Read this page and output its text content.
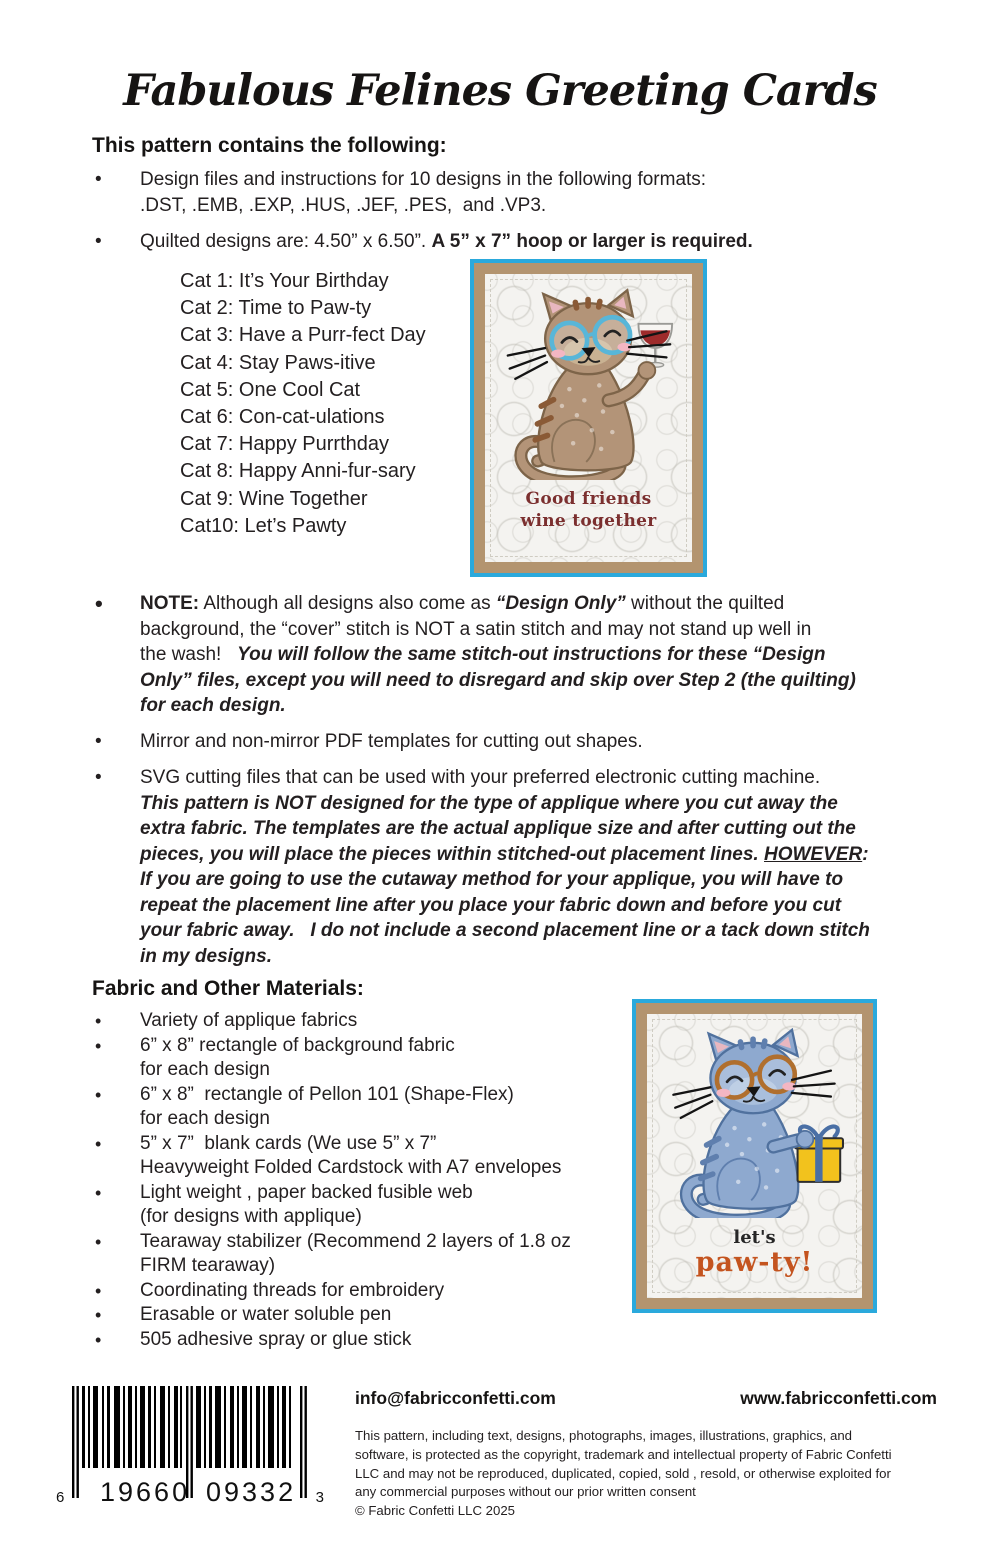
Fabulous Felines Greeting Cards
This pattern contains the following:
•	Design files and instructions for 10 designs in the following formats:
.DST, .EMB, .EXP, .HUS, .JEF, .PES,  and .VP3.
•	Quilted designs are: 4.50” x 6.50”. A 5” x 7” hoop or larger is required.
Cat 1: It’s Your Birthday
Cat 2: Time to Paw-ty
Cat 3: Have a Purr-fect Day
Cat 4: Stay Paws-itive
Cat 5: One Cool Cat
Cat 6: Con-cat-ulations
Cat 7: Happy Purrthday
Cat 8: Happy Anni-fur-sary
Cat 9: Wine Together
Cat10: Let’s Pawty
Good friends
wine together
•	NOTE: Although all designs also come as “Design Only” without the quilted
background, the “cover” stitch is NOT a satin stitch and may not stand up well in
the wash!   You will follow the same stitch-out instructions for these “Design
Only” files, except you will need to disregard and skip over Step 2 (the quilting)
for each design.
•	Mirror and non-mirror PDF templates for cutting out shapes.
•	SVG cutting files that can be used with your preferred electronic cutting machine.
This pattern is NOT designed for the type of applique where you cut away the
extra fabric. The templates are the actual applique size and after cutting out the
pieces, you will place the pieces within stitched-out placement lines. HOWEVER:
If you are going to use the cutaway method for your applique, you will have to
repeat the placement line after you place your fabric down and before you cut
your fabric away.   I do not include a second placement line or a tack down stitch
in my designs.
Fabric and Other Materials:
•	Variety of applique fabrics
•	6” x 8” rectangle of background fabric
for each design
•	6” x 8”  rectangle of Pellon 101 (Shape-Flex)
for each design
•	5” x 7”  blank cards (We use 5” x 7”
Heavyweight Folded Cardstock with A7 envelopes
•	Light weight , paper backed fusible web
(for designs with applique)
•	Tearaway stabilizer (Recommend 2 layers of 1.8 oz
FIRM tearaway)
•	Coordinating threads for embroidery
•	Erasable or water soluble pen
•	505 adhesive spray or glue stick
let's
paw-ty!
6 19660 09332 3
info@fabricconfetti.com	www.fabricconfetti.com
This pattern, including text, designs, photographs, images, illustrations, graphics, and
software, is protected as the copyright, trademark and intellectual property of Fabric Confetti
LLC and may not be reproduced, duplicated, copied, sold , resold, or otherwise exploited for
any commercial purposes without our prior written consent
© Fabric Confetti LLC 2025
